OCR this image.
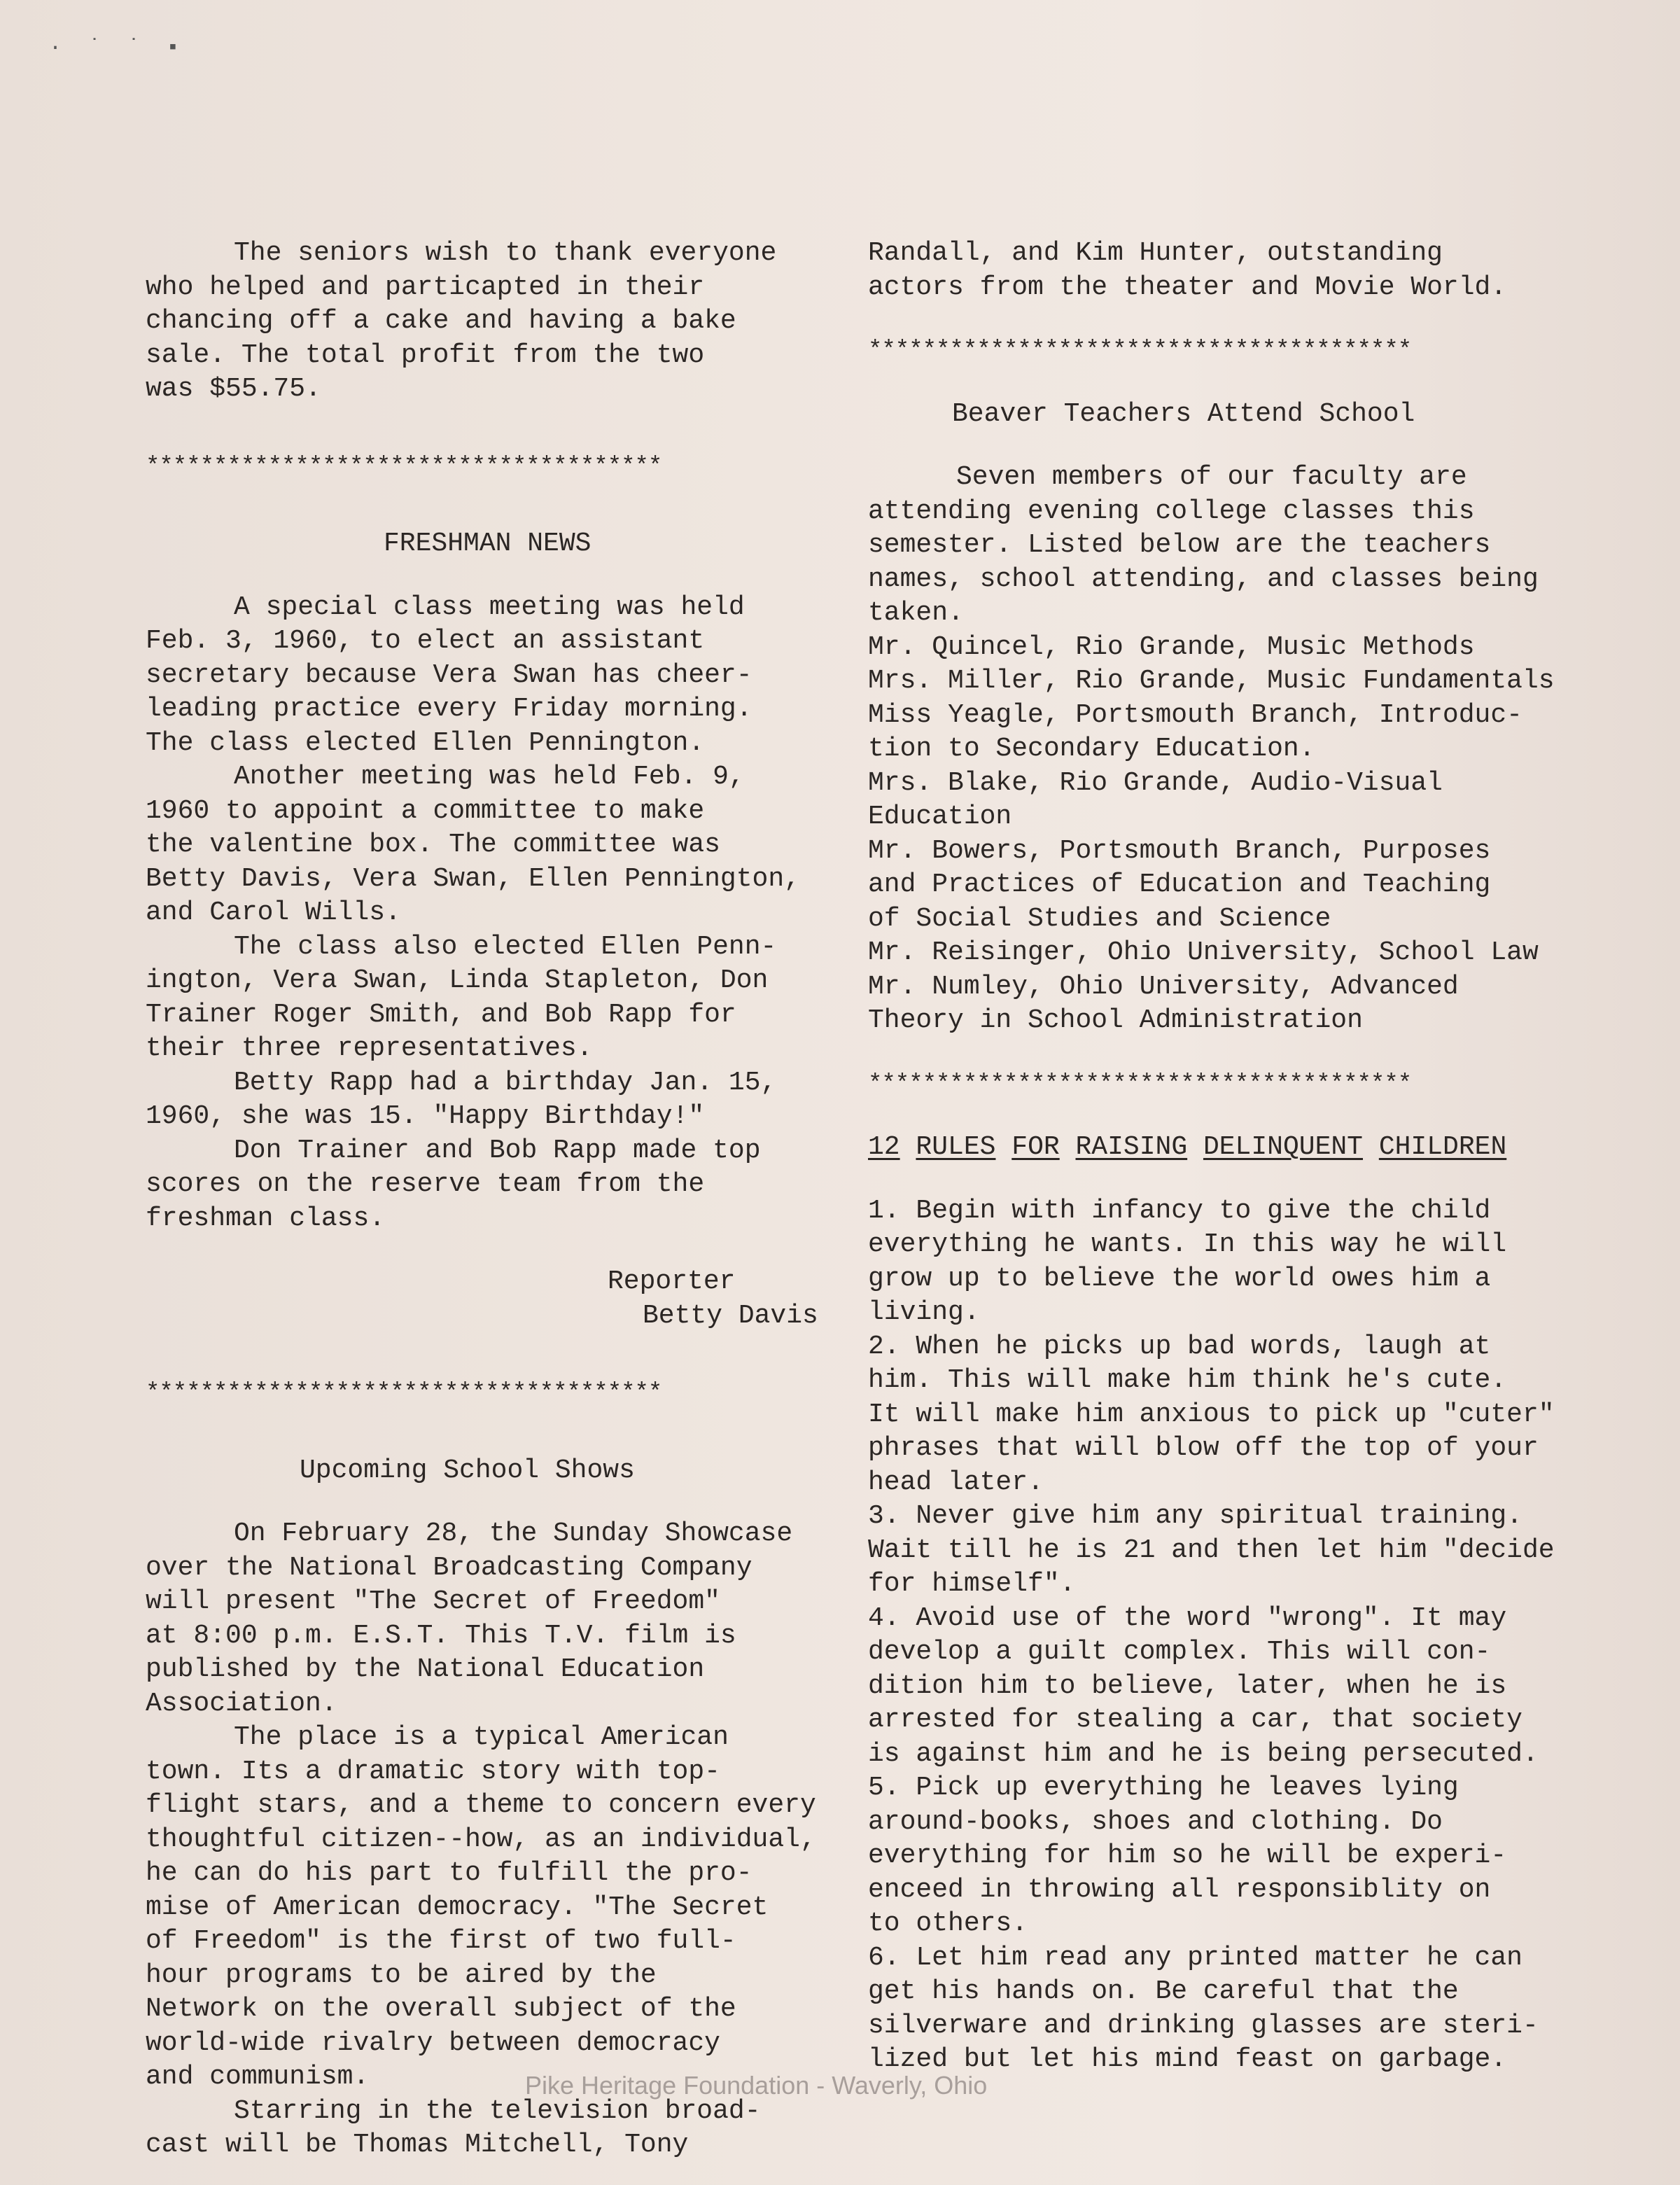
· ˙ ˙ ▪
The seniors wish to thank everyone
who helped and particapted in their
chancing off a cake and having a bake
sale. The total profit from the two
was $55.75.
**************************************
FRESHMAN NEWS
A special class meeting was held
Feb. 3, 1960, to elect an assistant
secretary because Vera Swan has cheer-
leading practice every Friday morning.
The class elected Ellen Pennington.
Another meeting was held Feb. 9,
1960 to appoint a committee to make
the valentine box. The committee was
Betty Davis, Vera Swan, Ellen Pennington,
and Carol Wills.
The class also elected Ellen Penn-
ington, Vera Swan, Linda Stapleton, Don
Trainer Roger Smith, and Bob Rapp for
their three representatives.
Betty Rapp had a birthday Jan. 15,
1960, she was 15. "Happy Birthday!"
Don Trainer and Bob Rapp made top
scores on the reserve team from the
freshman class.
Reporter
Betty Davis
**************************************
Upcoming School Shows
On February 28, the Sunday Showcase
over the National Broadcasting Company
will present "The Secret of Freedom"
at 8:00 p.m. E.S.T. This T.V. film is
published by the National Education
Association.
The place is a typical American
town. Its a dramatic story with top-
flight stars, and a theme to concern every
thoughtful citizen--how, as an individual,
he can do his part to fulfill the pro-
mise of American democracy. "The Secret
of Freedom" is the first of two full-
hour programs to be aired by the
Network on the overall subject of the
world-wide rivalry between democracy
and communism.
Starring in the television broad-
cast will be Thomas Mitchell, Tony
Randall, and Kim Hunter, outstanding
actors from the theater and Movie World.
****************************************
Beaver Teachers Attend School
Seven members of our faculty are
attending evening college classes this
semester. Listed below are the teachers
names, school attending, and classes being
taken.
Mr. Quincel, Rio Grande, Music Methods
Mrs. Miller, Rio Grande, Music Fundamentals
Miss Yeagle, Portsmouth Branch, Introduc-
tion to Secondary Education.
Mrs. Blake, Rio Grande, Audio-Visual
Education
Mr. Bowers, Portsmouth Branch, Purposes
and Practices of Education and Teaching
of Social Studies and Science
Mr. Reisinger, Ohio University, School Law
Mr. Numley, Ohio University, Advanced
Theory in School Administration
****************************************
12 RULES FOR RAISING DELINQUENT CHILDREN
1. Begin with infancy to give the child
everything he wants. In this way he will
grow up to believe the world owes him a
living.
2. When he picks up bad words, laugh at
him. This will make him think he's cute.
It will make him anxious to pick up "cuter"
phrases that will blow off the top of your
head later.
3. Never give him any spiritual training.
Wait till he is 21 and then let him "decide
for himself".
4. Avoid use of the word "wrong". It may
develop a guilt complex. This will con-
dition him to believe, later, when he is
arrested for stealing a car, that society
is against him and he is being persecuted.
5. Pick up everything he leaves lying
around-books, shoes and clothing. Do
everything for him so he will be experi-
enceed in throwing all responsiblity on
to others.
6. Let him read any printed matter he can
get his hands on. Be careful that the
silverware and drinking glasses are steri-
lized but let his mind feast on garbage.
Pike Heritage Foundation - Waverly, Ohio
